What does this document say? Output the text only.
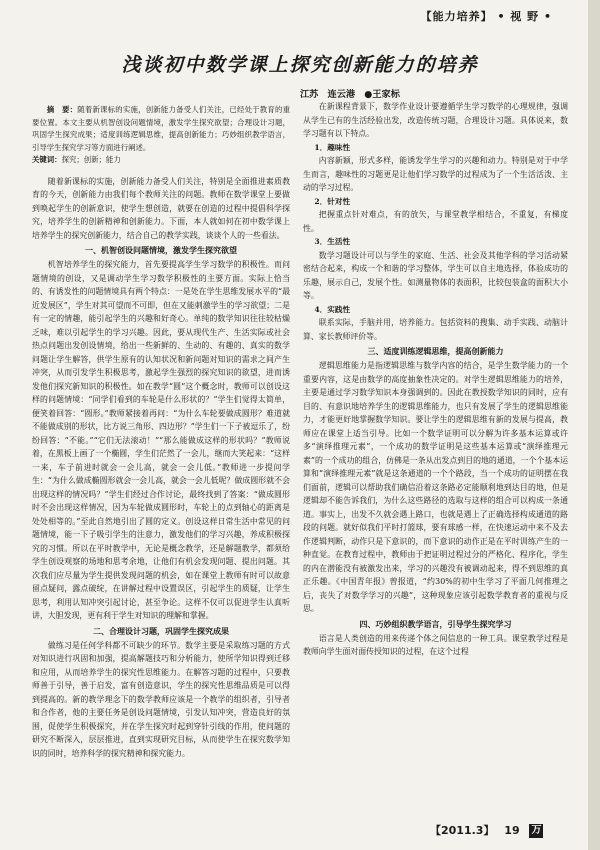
【能力培养】 • 视 野 •
浅谈初中数学课上探究创新能力的培养
江苏　连云港　●王家标

摘　要：随着新课标的实施，创新能力备受人们关注，已经处于教育的重要位置。本文主要从机智创设问题情境，激发学生探究欲望；合理设计习题，巩固学生探究成果；适度训练逻辑思维，提高创新能力；巧妙组织教学语言，引导学生探究学习等方面进行阐述。

关键词：探究；创新；能力

随着新课标的实施，创新能力备受人们关注，特别是全面推进素质教育的今天，创新能力由我们每个教师关注的问题。教师在数学课堂上要做到唤起学生的创新意识，使学生想创造，就要在创造的过程中提倡科学探究，培养学生的创新精神和创新能力。下面，本人就如何在初中数学课上培养学生的探究创新能力，结合自己的教学实践，谈谈个人的一些看法。

一、机智创设问题情境，激发学生探究欲望

机智培养学生的探究能力，首先要提高学生学习数学的积极性。而问题情境的创设，又是调动学生学习数学积极性的主要方面。实际上恰当的、有诱发性的问题情境具有两个特点：一是处在学生思维发展水平的“最近发展区”，学生对其可望而不可即，但在又能刺激学生的学习欲望；二是有一定的情趣，能引起学生的兴趣和好奇心。单纯的数学知识往往较枯燥乏味，难以引起学生的学习兴趣。因此，要从现代生产、生活实际或社会热点问题出发创设情境，给出一些新鲜的、生动的、有趣的、真实的数学问题让学生解答，供学生原有的认知状况和新问题对知识的需求之间产生冲突，从而引发学生积极思考，激起学生强烈的探究知识的欲望，进而诱发他们探究新知识的积极性。如在教学“圆”这个概念时，教师可以创设这样的问题情境：“同学们看到的车轮是什么形状的？”学生们觉得太简单，便笑着回答：“圆形。”教师紧接着再问：“为什么车轮要做成圆形？难道就不能做成别的形状，比方说三角形、四边形？”学生们一下子被逗乐了，纷纷回答：“不能。”“它们无法滚动！”“那么能做成这样的形状吗？”教师说着，在黑板上画了一个椭圆，学生们茫然了一会儿，继而大笑起来：“这样一来，车子前进时就会一会儿高，就会一会儿低。”教师进一步提问学生：“为什么做成椭圆形就会一会儿高，就会一会儿低呢？做成圆形就不会出现这样的情况吗？”学生们经过合作讨论，最终找到了答案：“做成圆形时不会出现这样情况，因为车轮做成圆形时，车轮上的点到轴心的距离是处处相等的。”至此自然地引出了圆的定义。创设这样日常生活中常见的问题情境，能一下子吸引学生的注意力，激发他们的学习兴趣，养成积极探究的习惯。所以在平时教学中，无论是概念教学，还是解题教学，都须给学生创设观察的场地和思考余地，让他们有机会发现问题、提出问题。其次我们应尽量为学生提供发现问题的机会，如在课堂上教师有时可以故意留点疑问，露点破绽，在讲解过程中设置误区，引起学生的质疑，让学生思考，利用认知冲突引起讨论，甚至争论。这样不仅可以促进学生认真听讲，大胆发现，更有利于学生对知识的理解和掌握。

二、合理设计习题，巩固学生探究成果

做练习是任何学科都不可缺少的环节。数学主要是采取练习题的方式对知识进行巩固和加强，提高解题技巧和分析能力，使所学知识得到迁移和应用，从而培养学生的探究性思维能力。在解答习题的过程中，只要教师善于引导，善于启发，富有创造意识，学生的探究性思维品质是可以得到提高的。新的教学理念下的数学教师应该是一个教学的组织者，引导者和合作者，他的主要任务是创设问题情境，引发认知冲突，营造良好的氛围，促使学生积极探究，并在学生探究时起到穿针引线的作用，使问题的研究不断深入，层层推进，直到实现研究目标，从而使学生在探究数学知识的同时，培养科学的探究精神和探究能力。

在新课程背景下，数学作业设计要遵循学生学习数学的心理规律，强调从学生已有的生活经验出发，改造传统习题，合理设计习题。具体说来，数学习题有以下特点。

1．趣味性

内容新颖，形式多样，能诱发学生学习的兴趣和动力。特别是对于中学生而言，趣味性的习题更是让他们学习数学的过程成为了一个生活活泼、主动的学习过程。

2．针对性

把握重点针对难点，有的放矢，与课堂教学相结合，不重复，有梯度性。

3．生活性

数学习题设计可以与学生的家庭、生活、社会及其他学科的学习活动紧密结合起来，构成一个和谐的学习整体，学生可以自主地选择，体验成功的乐趣，展示自己，发展个性。如测量物体的表面积，比较包装盒的面积大小等。

4．实践性

联系实际，手脑并用，培养能力。包括资料的搜集、动手实践、动脑计算、家长教师评价等。

三、适度训练逻辑思维，提高创新能力

逻辑思维能力是指逻辑思维与数学内容的结合，是学生数学能力的一个重要内容，这是由数学的高度抽象性决定的。对学生逻辑思维能力的培养，主要是通过学习数学知识本身强调到的。因此在教授数学知识的同时，应有目的、有意识地培养学生的逻辑思维能力，也只有发展了学生的逻辑思维能力，才能更好地掌握数学知识。要让学生的逻辑思维有新的发展与提高，教师应在课堂上适当引导。比如一个数学证明可以分解为许多基本运算或许多“演绎推理元素”，一个成功的数学证明是这些基本运算或“演绎推理元素”的一个成功的组合，仿佛是一条从出发点到目的地的通道，一个个基本运算和“演绎推理元素”就是这条通道的一个个路段，当一个成功的证明摆在我们面前，逻辑可以帮助我们确信沿着这条路必定能顺利地到达目的地，但是逻辑却不能告诉我们，为什么这些路径的选取与这样的组合可以构成一条通道。事实上，出发不久就会遇上路口，也就是遇上了正确选择构成通道的路段的问题。就好似我们平时打篮球，要有球感一样，在快速运动中来不及去作逻辑判断，动作只是下意识的，而下意识的动作正是在平时训练产生的一种直觉。在教育过程中，教师由于把证明过程过分的严格化、程序化，学生的内在潜能没有被激发出来，学习的兴趣没有被调动起来，得不到思维的真正乐趣。《中国青年报》曾报道，“约30%的初中生学习了平面几何推理之后，丧失了对数学学习的兴趣”，这种现象应该引起数学教育者的重视与反思。

四、巧妙组织教学语言，引导学生探究学习

语言是人类创造的用来传递个体之间信息的一种工具。课堂教学过程是教师向学生面对面传授知识的过程，在这个过程

【2011.3】 19 万
